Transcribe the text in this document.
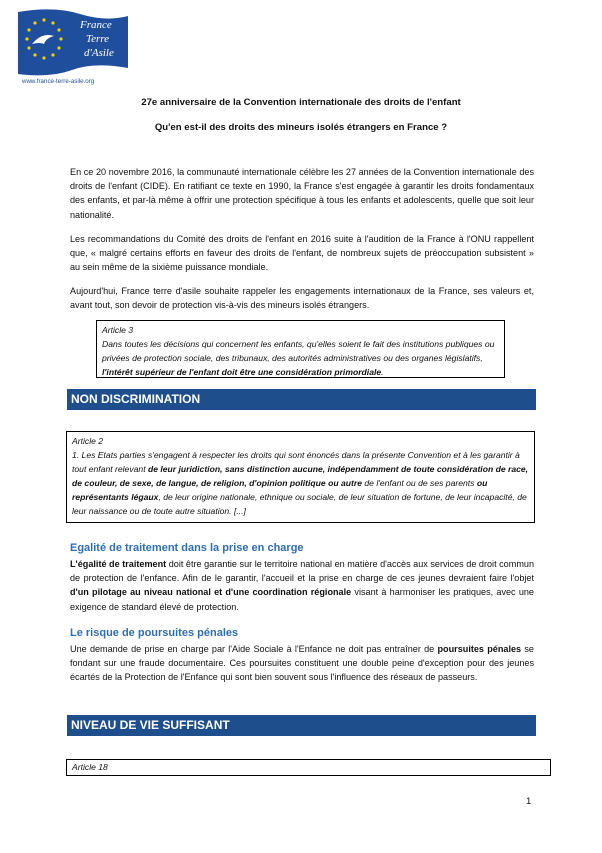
France
Terre
d'Asile
www.france-terre-asile.org
27e anniversaire de la Convention internationale des droits de l'enfant
Qu'en est-il des droits des mineurs isolés étrangers en France ?

En ce 20 novembre 2016, la communauté internationale célèbre les 27 années de la Convention internationale des droits de l'enfant (CIDE). En ratifiant ce texte en 1990, la France s'est engagée à garantir les droits fondamentaux des enfants, et par-là même à offrir une protection spécifique à tous les enfants et adolescents, quelle que soit leur nationalité.

Les recommandations du Comité des droits de l'enfant en 2016 suite à l'audition de la France à l'ONU rappellent que, « malgré certains efforts en faveur des droits de l'enfant, de nombreux sujets de préoccupation subsistent » au sein même de la sixième puissance mondiale.

Aujourd'hui, France terre d'asile souhaite rappeler les engagements internationaux de la France, ses valeurs et, avant tout, son devoir de protection vis-à-vis des mineurs isolés étrangers.

Article 3

Dans toutes les décisions qui concernent les enfants, qu'elles soient le fait des institutions publiques ou privées de protection sociale, des tribunaux, des autorités administratives ou des organes législatifs, l'intérêt supérieur de l'enfant doit être une considération primordiale.

NON DISCRIMINATION

Article 2

1. Les Etats parties s'engagent à respecter les droits qui sont énoncés dans la présente Convention et à les garantir à tout enfant relevant de leur juridiction, sans distinction aucune, indépendamment de toute considération de race, de couleur, de sexe, de langue, de religion, d'opinion politique ou autre de l'enfant ou de ses parents ou représentants légaux, de leur origine nationale, ethnique ou sociale, de leur situation de fortune, de leur incapacité, de leur naissance ou de toute autre situation. [...]

Egalité de traitement dans la prise en charge

L'égalité de traitement doit être garantie sur le territoire national en matière d'accès aux services de droit commun de protection de l'enfance. Afin de le garantir, l'accueil et la prise en charge de ces jeunes devraient faire l'objet d'un pilotage au niveau national et d'une coordination régionale visant à harmoniser les pratiques, avec une exigence de standard élevé de protection.

Le risque de poursuites pénales

Une demande de prise en charge par l'Aide Sociale à l'Enfance ne doit pas entraîner de poursuites pénales se fondant sur une fraude documentaire. Ces poursuites constituent une double peine d'exception pour des jeunes écartés de la Protection de l'Enfance qui sont bien souvent sous l'influence des réseaux de passeurs.

NIVEAU DE VIE SUFFISANT

Article 18

1
